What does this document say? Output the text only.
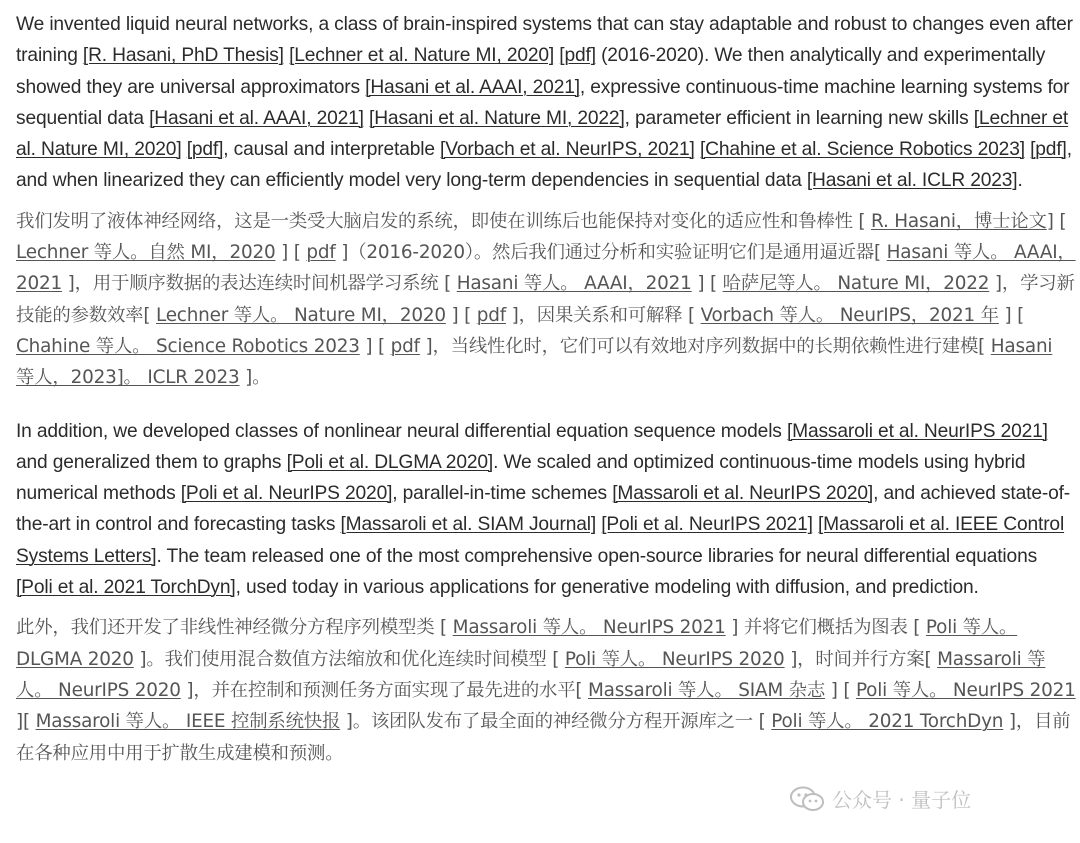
We invented liquid neural networks, a class of brain-inspired systems that can stay adaptable and robust to changes even after training [R. Hasani, PhD Thesis] [Lechner et al. Nature MI, 2020] [pdf] (2016-2020). We then analytically and experimentally showed they are universal approximators [Hasani et al. AAAI, 2021], expressive continuous-time machine learning systems for sequential data [Hasani et al. AAAI, 2021] [Hasani et al. Nature MI, 2022], parameter efficient in learning new skills [Lechner et al. Nature MI, 2020] [pdf], causal and interpretable [Vorbach et al. NeurIPS, 2021] [Chahine et al. Science Robotics 2023] [pdf], and when linearized they can efficiently model very long-term dependencies in sequential data [Hasani et al. ICLR 2023].

我们发明了液体神经网络，这是一类受大脑启发的系统，即使在训练后也能保持对变化的适应性和鲁棒性 [ R. Hasani，博士论文] [ Lechner 等人。自然 MI，2020 ] [ pdf ]（2016-2020）。然后我们通过分析和实验证明它们是通用逼近器[ Hasani 等人。 AAAI，2021 ]，用于顺序数据的表达连续时间机器学习系统 [ Hasani 等人。 AAAI，2021 ] [ 哈萨尼等人。 Nature MI，2022 ]，学习新技能的参数效率[ Lechner 等人。 Nature MI，2020 ] [ pdf ]，因果关系和可解释 [ Vorbach 等人。 NeurIPS，2021 年 ] [ Chahine 等人。 Science Robotics 2023 ] [ pdf ]，当线性化时，它们可以有效地对序列数据中的长期依赖性进行建模[ Hasani 等人，2023]。 ICLR 2023 ]。

In addition, we developed classes of nonlinear neural differential equation sequence models [Massaroli et al. NeurIPS 2021] and generalized them to graphs [Poli et al. DLGMA 2020]. We scaled and optimized continuous-time models using hybrid numerical methods [Poli et al. NeurIPS 2020], parallel-in-time schemes [Massaroli et al. NeurIPS 2020], and achieved state-of-the-art in control and forecasting tasks [Massaroli et al. SIAM Journal] [Poli et al. NeurIPS 2021] [Massaroli et al. IEEE Control Systems Letters]. The team released one of the most comprehensive open-source libraries for neural differential equations [Poli et al. 2021 TorchDyn], used today in various applications for generative modeling with diffusion, and prediction.

此外，我们还开发了非线性神经微分方程序列模型类 [ Massaroli 等人。 NeurIPS 2021 ] 并将它们概括为图表 [ Poli 等人。 DLGMA 2020 ]。我们使用混合数值方法缩放和优化连续时间模型 [ Poli 等人。 NeurIPS 2020 ]，时间并行方案[ Massaroli 等人。 NeurIPS 2020 ]，并在控制和预测任务方面实现了最先进的水平[ Massaroli 等人。 SIAM 杂志 ] [ Poli 等人。 NeurIPS 2021 ][ Massaroli 等人。 IEEE 控制系统快报 ]。该团队发布了最全面的神经微分方程开源库之一 [ Poli 等人。 2021 TorchDyn ]，目前在各种应用中用于扩散生成建模和预测。

公众号 · 量子位
